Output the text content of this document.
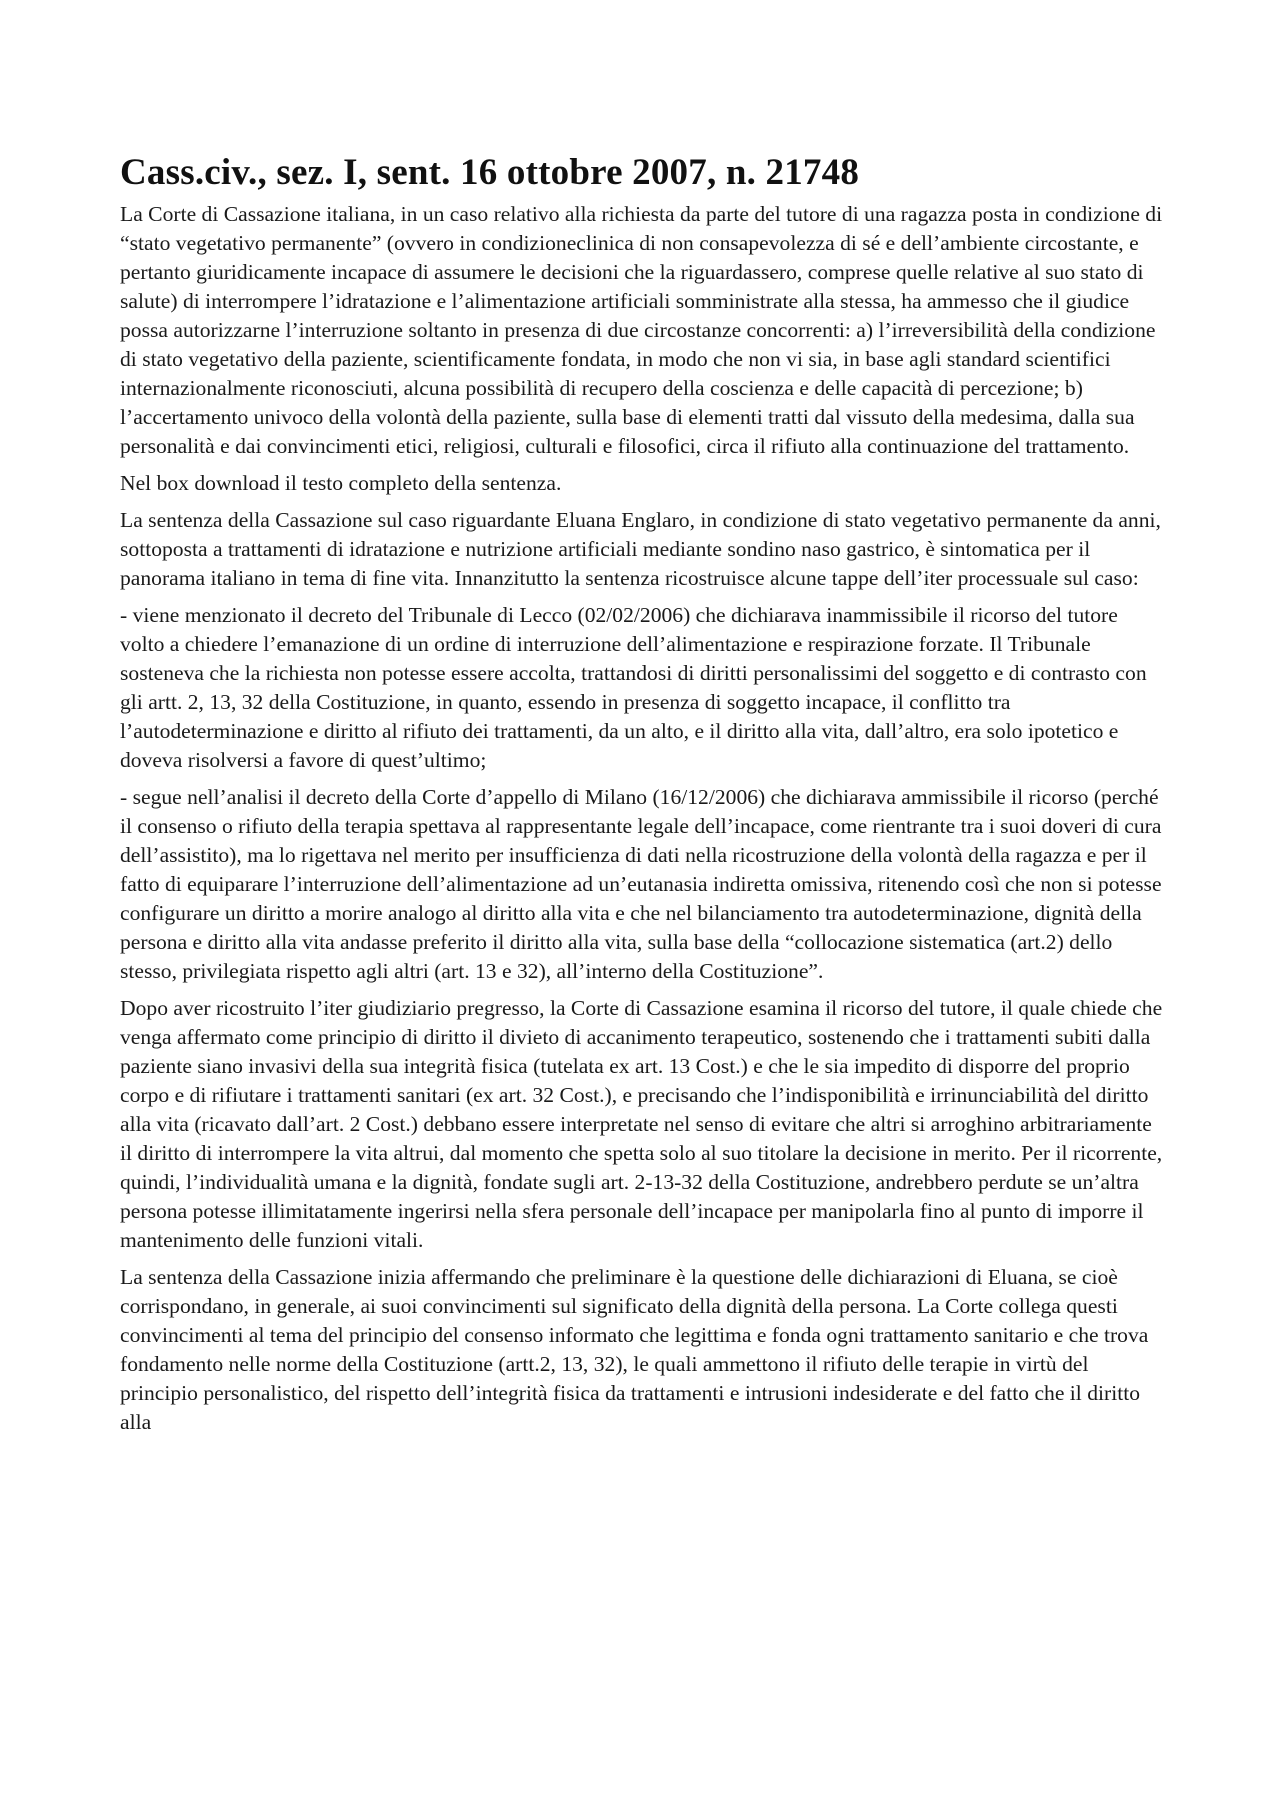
Cass.civ., sez. I, sent. 16 ottobre 2007, n. 21748

La Corte di Cassazione italiana, in un caso relativo alla richiesta da parte del tutore di una ragazza posta in condizione di “stato vegetativo permanente” (ovvero in condizioneclinica di non consapevolezza di sé e dell’ambiente circostante, e pertanto giuridicamente incapace di assumere le decisioni che la riguardassero, comprese quelle relative al suo stato di salute) di interrompere l’idratazione e l’alimentazione artificiali somministrate alla stessa, ha ammesso che il giudice possa autorizzarne l’interruzione soltanto in presenza di due circostanze concorrenti: a) l’irreversibilità della condizione di stato vegetativo della paziente, scientificamente fondata, in modo che non vi sia, in base agli standard scientifici internazionalmente riconosciuti, alcuna possibilità di recupero della coscienza e delle capacità di percezione; b) l’accertamento univoco della volontà della paziente, sulla base di elementi tratti dal vissuto della medesima, dalla sua personalità e dai convincimenti etici, religiosi, culturali e filosofici, circa il rifiuto alla continuazione del trattamento.

Nel box download il testo completo della sentenza.

La sentenza della Cassazione sul caso riguardante Eluana Englaro, in condizione di stato vegetativo permanente da anni, sottoposta a trattamenti di idratazione e nutrizione artificiali mediante sondino naso gastrico, è sintomatica per il panorama italiano in tema di fine vita. Innanzitutto la sentenza ricostruisce alcune tappe dell’iter processuale sul caso:

- viene menzionato il decreto del Tribunale di Lecco (02/02/2006) che dichiarava inammissibile il ricorso del tutore volto a chiedere l’emanazione di un ordine di interruzione dell’alimentazione e respirazione forzate. Il Tribunale sosteneva che la richiesta non potesse essere accolta, trattandosi di diritti personalissimi del soggetto e di contrasto con gli artt. 2, 13, 32 della Costituzione, in quanto, essendo in presenza di soggetto incapace, il conflitto tra l’autodeterminazione e diritto al rifiuto dei trattamenti, da un alto, e il diritto alla vita, dall’altro, era solo ipotetico e doveva risolversi a favore di quest’ultimo;

- segue nell’analisi il decreto della Corte d’appello di Milano (16/12/2006) che dichiarava ammissibile il ricorso (perché il consenso o rifiuto della terapia spettava al rappresentante legale dell’incapace, come rientrante tra i suoi doveri di cura dell’assistito), ma lo rigettava nel merito per insufficienza di dati nella ricostruzione della volontà della ragazza e per il fatto di equiparare l’interruzione dell’alimentazione ad un’eutanasia indiretta omissiva, ritenendo così che non si potesse configurare un diritto a morire analogo al diritto alla vita e che nel bilanciamento tra autodeterminazione, dignità della persona e diritto alla vita andasse preferito il diritto alla vita, sulla base della “collocazione sistematica (art.2) dello stesso, privilegiata rispetto agli altri (art. 13 e 32), all’interno della Costituzione”.

Dopo aver ricostruito l’iter giudiziario pregresso, la Corte di Cassazione esamina il ricorso del tutore, il quale chiede che venga affermato come principio di diritto il divieto di accanimento terapeutico, sostenendo che i trattamenti subiti dalla paziente siano invasivi della sua integrità fisica (tutelata ex art. 13 Cost.) e che le sia impedito di disporre del proprio corpo e di rifiutare i trattamenti sanitari (ex art. 32 Cost.), e precisando che l’indisponibilità e irrinunciabilità del diritto alla vita (ricavato dall’art. 2 Cost.) debbano essere interpretate nel senso di evitare che altri si arroghino arbitrariamente il diritto di interrompere la vita altrui, dal momento che spetta solo al suo titolare la decisione in merito. Per il ricorrente, quindi, l’individualità umana e la dignità, fondate sugli art. 2-13-32 della Costituzione, andrebbero perdute se un’altra persona potesse illimitatamente ingerirsi nella sfera personale dell’incapace per manipolarla fino al punto di imporre il mantenimento delle funzioni vitali.

La sentenza della Cassazione inizia affermando che preliminare è la questione delle dichiarazioni di Eluana, se cioè corrispondano, in generale, ai suoi convincimenti sul significato della dignità della persona. La Corte collega questi convincimenti al tema del principio del consenso informato che legittima e fonda ogni trattamento sanitario e che trova fondamento nelle norme della Costituzione (artt.2, 13, 32), le quali ammettono il rifiuto delle terapie in virtù del principio personalistico, del rispetto dell’integrità fisica da trattamenti e intrusioni indesiderate e del fatto che il diritto alla
